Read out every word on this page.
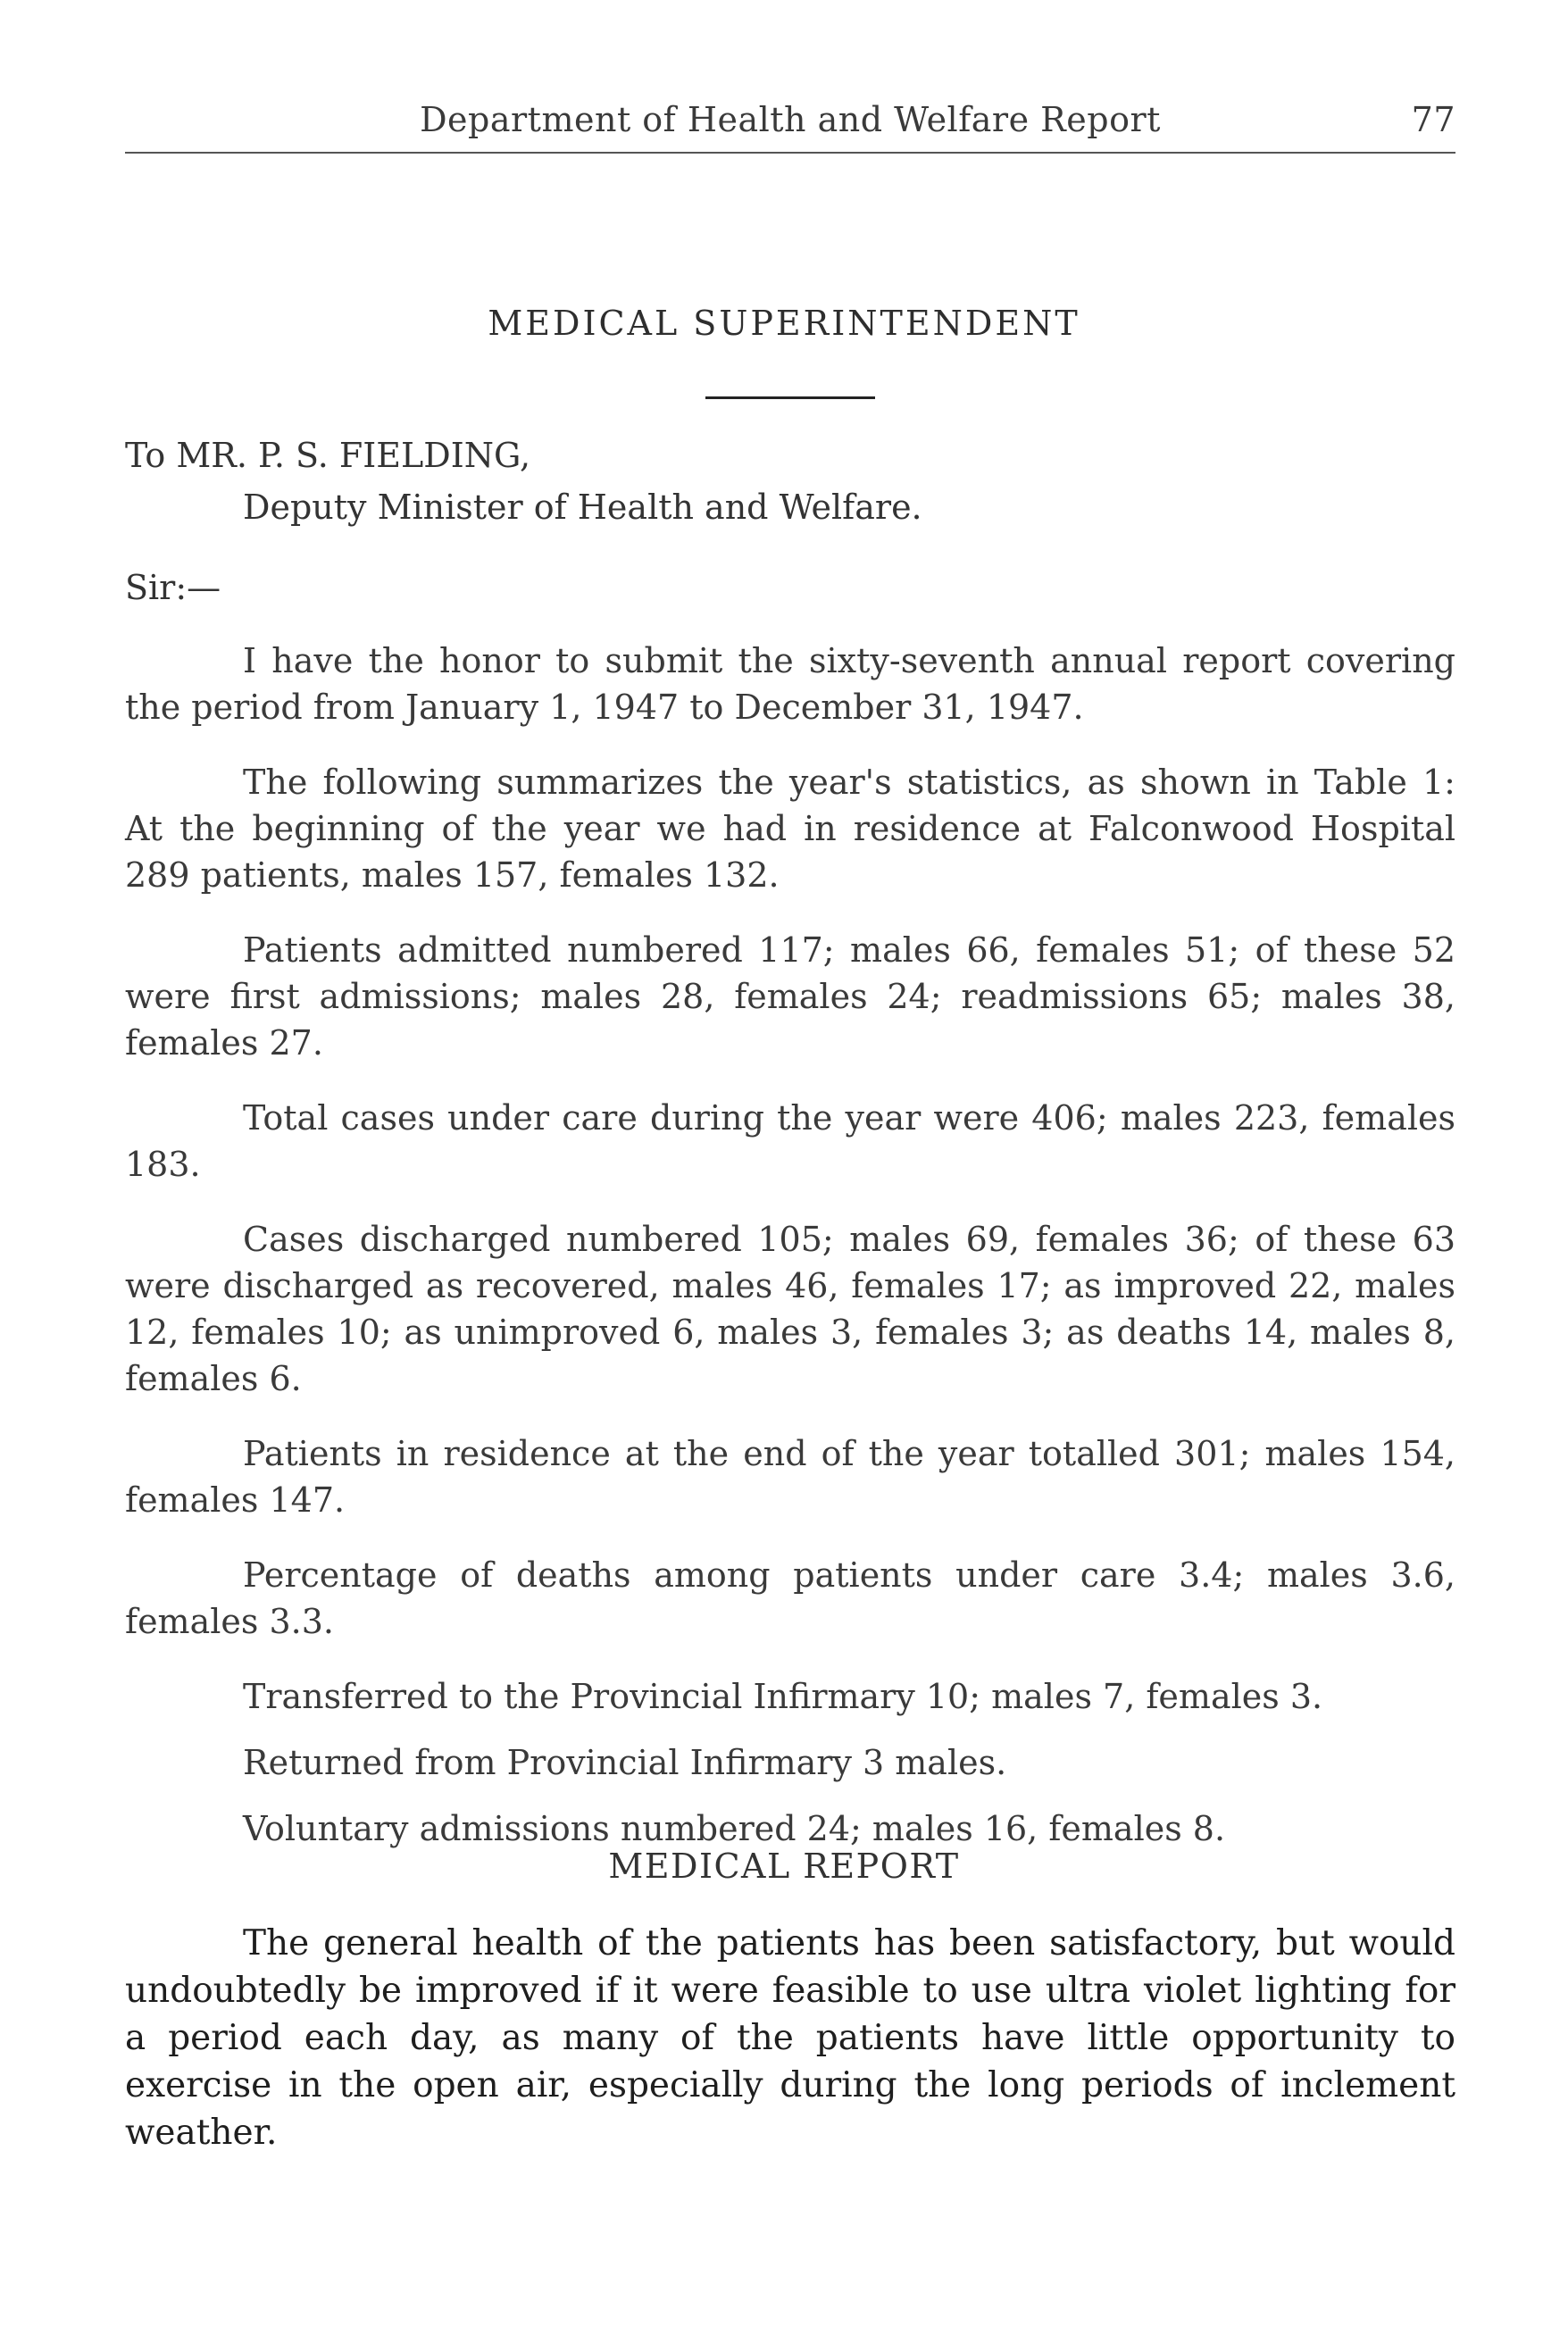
Department of Health and Welfare Report	77
MEDICAL SUPERINTENDENT
To MR. P. S. FIELDING,
Deputy Minister of Health and Welfare.
Sir:—
I have the honor to submit the sixty-seventh annual report covering the period from January 1, 1947 to December 31, 1947.
The following summarizes the year's statistics, as shown in Table 1: At the beginning of the year we had in residence at Falconwood Hospital 289 patients, males 157, females 132.
Patients admitted numbered 117; males 66, females 51; of these 52 were first admissions; males 28, females 24; readmissions 65; males 38, females 27.
Total cases under care during the year were 406; males 223, females 183.
Cases discharged numbered 105; males 69, females 36; of these 63 were discharged as recovered, males 46, females 17; as improved 22, males 12, females 10; as unimproved 6, males 3, females 3; as deaths 14, males 8, females 6.
Patients in residence at the end of the year totalled 301; males 154, females 147.
Percentage of deaths among patients under care 3.4; males 3.6, females 3.3.
Transferred to the Provincial Infirmary 10; males 7, females 3.
Returned from Provincial Infirmary 3 males.
Voluntary admissions numbered 24; males 16, females 8.
MEDICAL REPORT
The general health of the patients has been satisfactory, but would undoubtedly be improved if it were feasible to use ultra violet lighting for a period each day, as many of the patients have little opportunity to exercise in the open air, especially during the long periods of inclement weather.
